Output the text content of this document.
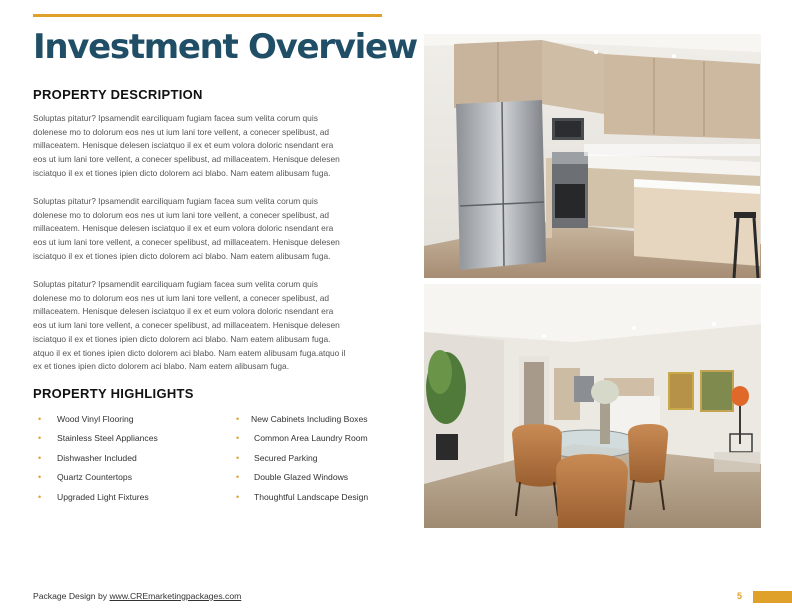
Investment Overview
PROPERTY DESCRIPTION
Soluptas pitatur? Ipsamendit earciliquam fugiam facea sum velita corum quis
dolenese mo to dolorum eos nes ut ium lani tore vellent, a conecer spelibust, ad
millaceatem. Henisque delesen isciatquo il ex et eum volora doloric nsendant era
eos ut ium lani tore vellent, a conecer spelibust, ad millaceatem. Henisque delesen
isciatquo il ex et tiones ipien dicto dolorem aci blabo. Nam eatem alibusam fuga.
Soluptas pitatur? Ipsamendit earciliquam fugiam facea sum velita corum quis
dolenese mo to dolorum eos nes ut ium lani tore vellent, a conecer spelibust, ad
millaceatem. Henisque delesen isciatquo il ex et eum volora doloric nsendant era
eos ut ium lani tore vellent, a conecer spelibust, ad millaceatem. Henisque delesen
isciatquo il ex et tiones ipien dicto dolorem aci blabo. Nam eatem alibusam fuga.
Soluptas pitatur? Ipsamendit earciliquam fugiam facea sum velita corum quis
dolenese mo to dolorum eos nes ut ium lani tore vellent, a conecer spelibust, ad
millaceatem. Henisque delesen isciatquo il ex et eum volora doloric nsendant era
eos ut ium lani tore vellent, a conecer spelibust, ad millaceatem. Henisque delesen
isciatquo il ex et tiones ipien dicto dolorem aci blabo. Nam eatem alibusam fuga.
atquo il ex et tiones ipien dicto dolorem aci blabo. Nam eatem alibusam fuga.atquo il
ex et tiones ipien dicto dolorem aci blabo. Nam eatem alibusam fuga.
PROPERTY HIGHLIGHTS
• Wood Vinyl Flooring
• Stainless Steel Appliances
• Dishwasher Included
• Quartz Countertops
• Upgraded Light Fixtures
• New Cabinets Including Boxes
• Common Area Laundry Room
• Secured Parking
• Double Glazed Windows
• Thoughtful Landscape Design
Package Design by www.CREmarketingpackages.com	5
